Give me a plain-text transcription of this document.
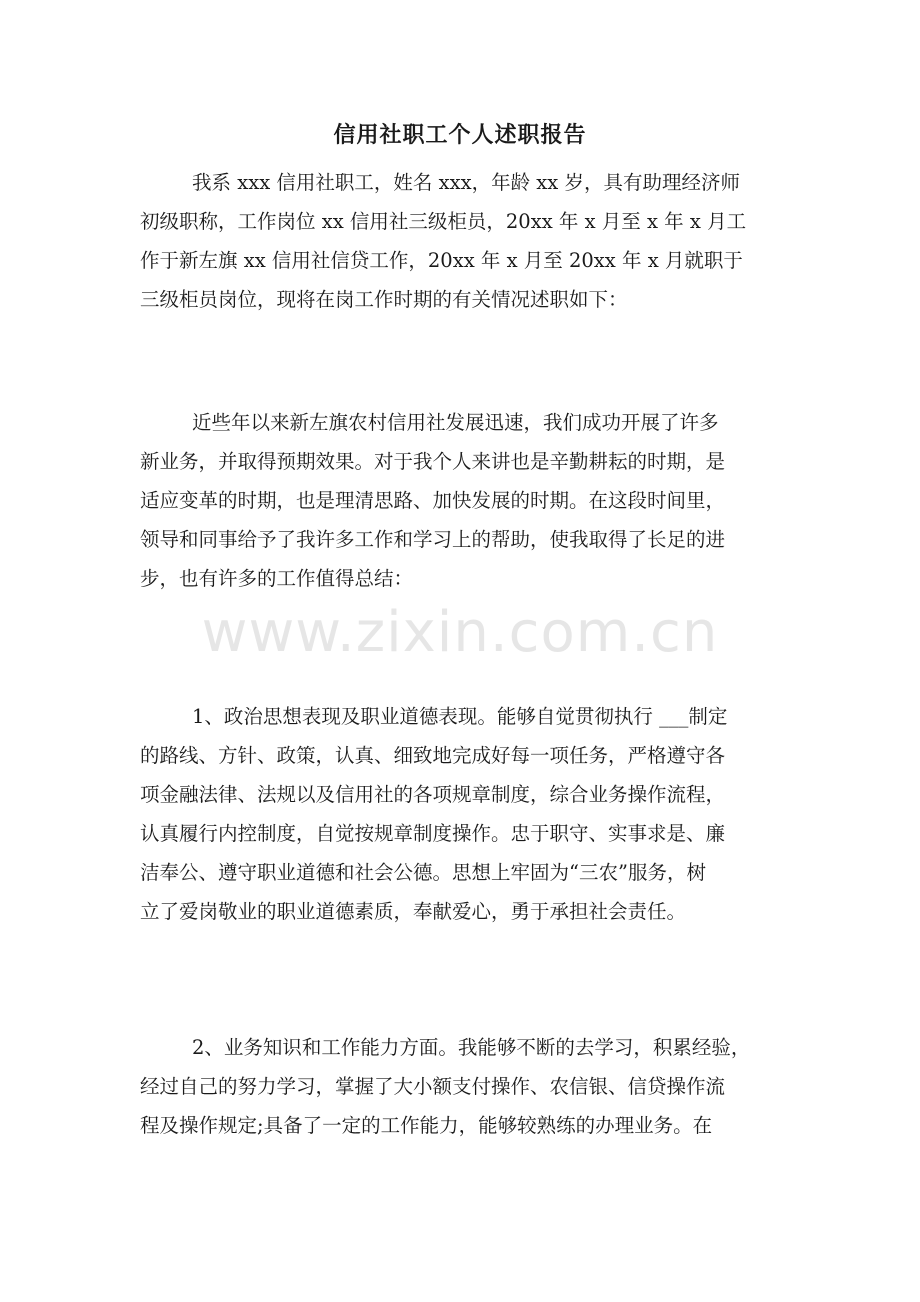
信用社职工个人述职报告
我系 xxx 信用社职工，姓名 xxx，年龄 xx 岁，具有助理经济师
初级职称，工作岗位 xx 信用社三级柜员，20xx 年 x 月至 x 年 x 月工
作于新左旗 xx 信用社信贷工作，20xx 年 x 月至 20xx 年 x 月就职于
三级柜员岗位，现将在岗工作时期的有关情况述职如下：
近些年以来新左旗农村信用社发展迅速，我们成功开展了许多
新业务，并取得预期效果。对于我个人来讲也是辛勤耕耘的时期，是
适应变革的时期，也是理清思路、加快发展的时期。在这段时间里，
领导和同事给予了我许多工作和学习上的帮助，使我取得了长足的进
步，也有许多的工作值得总结：
1、政治思想表现及职业道德表现。能够自觉贯彻执行 ___制定
的路线、方针、政策，认真、细致地完成好每一项任务，严格遵守各
项金融法律、法规以及信用社的各项规章制度，综合业务操作流程，
认真履行内控制度，自觉按规章制度操作。忠于职守、实事求是、廉
洁奉公、遵守职业道德和社会公德。思想上牢固为“三农”服务，树
立了爱岗敬业的职业道德素质，奉献爱心，勇于承担社会责任。
2、业务知识和工作能力方面。我能够不断的去学习，积累经验，
经过自己的努力学习，掌握了大小额支付操作、农信银、信贷操作流
程及操作规定;具备了一定的工作能力，能够较熟练的办理业务。在
www.zixin.com.cn
